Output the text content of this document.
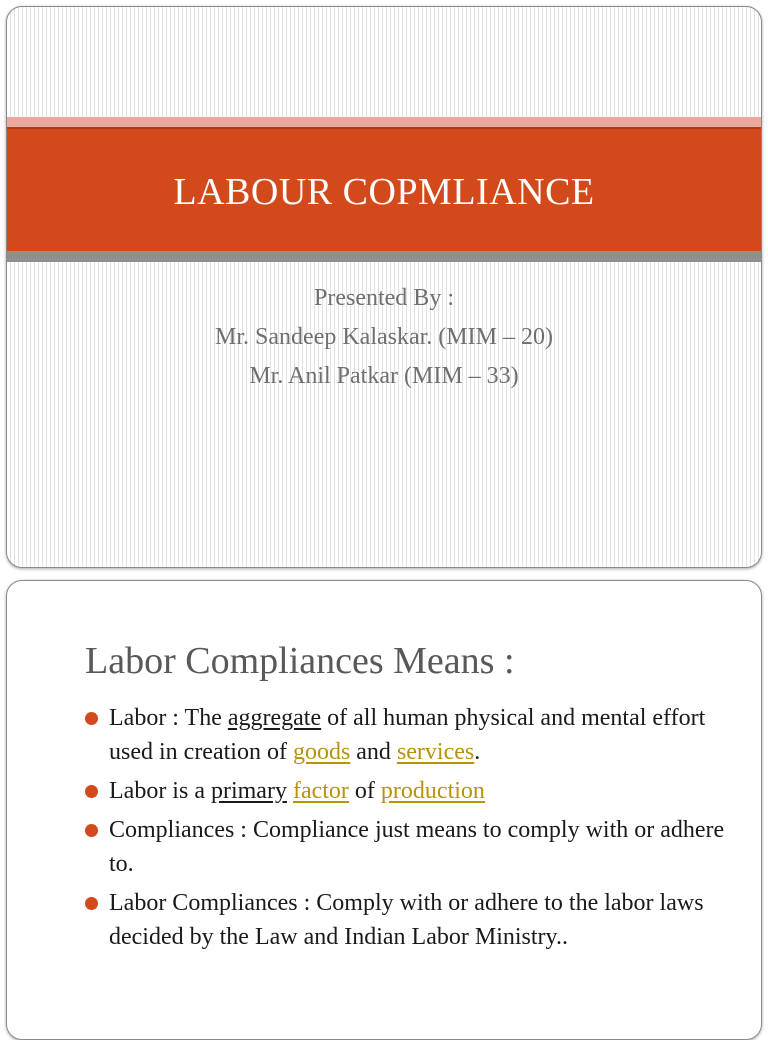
LABOUR COPMLIANCE
Presented By :
Mr. Sandeep Kalaskar. (MIM – 20)
Mr. Anil Patkar (MIM – 33)
Labor Compliances Means :
Labor : The aggregate of all human physical and mental effort used in creation of goods and services.
Labor is a primary factor of production
Compliances : Compliance just means to comply with or adhere to.
Labor Compliances : Comply with or adhere to the labor laws decided by the Law and Indian Labor Ministry..
